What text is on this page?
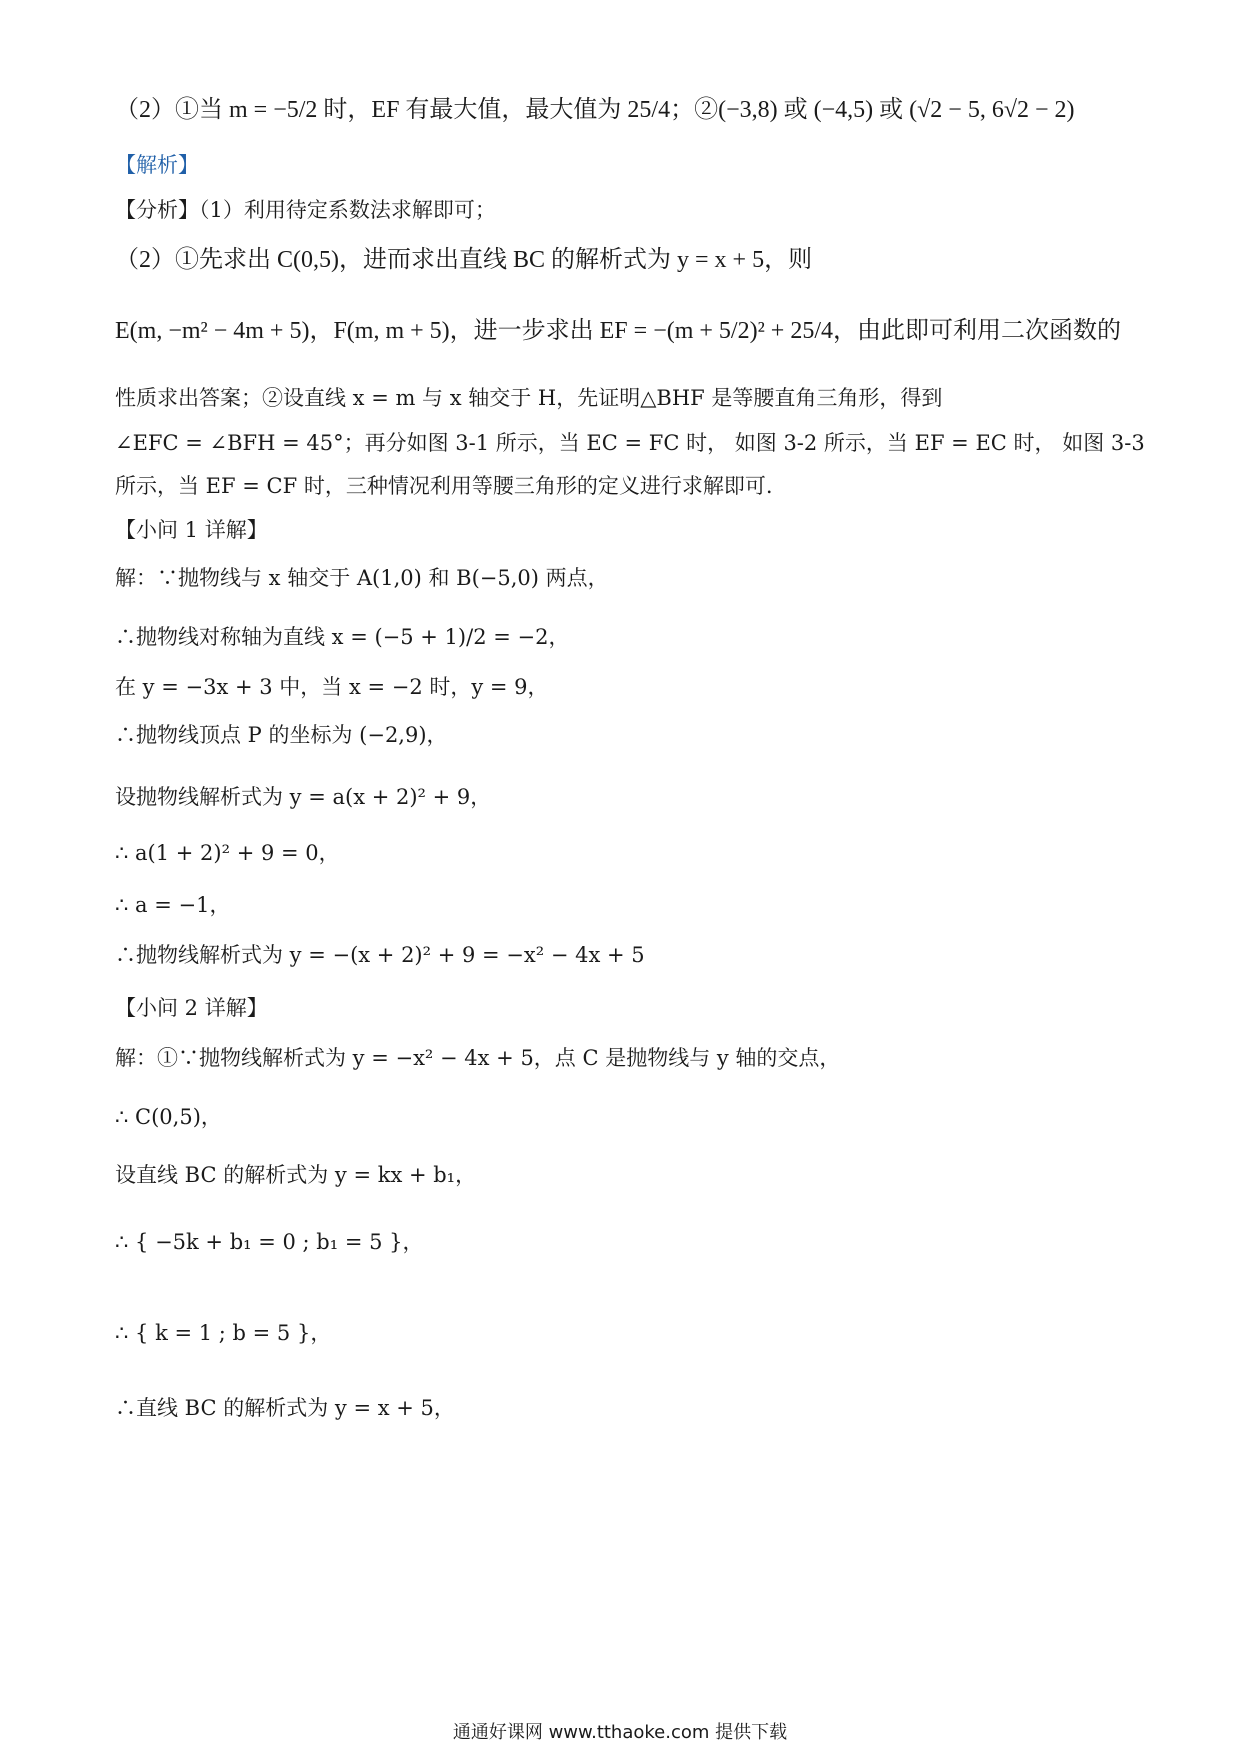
（2）①当 m = −5/2 时，EF 有最大值，最大值为 25/4；②(−3,8) 或 (−4,5) 或 (√2 − 5, 6√2 − 2)
【解析】
【分析】（1）利用待定系数法求解即可；
（2）①先求出 C(0,5)，进而求出直线 BC 的解析式为 y = x + 5，则
E(m, −m² − 4m + 5)，F(m, m + 5)，进一步求出 EF = −(m + 5/2)² + 25/4，由此即可利用二次函数的
性质求出答案；②设直线 x = m 与 x 轴交于 H，先证明△BHF 是等腰直角三角形，得到
∠EFC = ∠BFH = 45°；再分如图 3-1 所示，当 EC = FC 时， 如图 3-2 所示，当 EF = EC 时， 如图 3-3
所示，当 EF = CF 时，三种情况利用等腰三角形的定义进行求解即可.
【小问 1 详解】
解：∵抛物线与 x 轴交于 A(1,0) 和 B(−5,0) 两点，
∴抛物线对称轴为直线 x = (−5 + 1)/2 = −2，
在 y = −3x + 3 中，当 x = −2 时，y = 9，
∴抛物线顶点 P 的坐标为 (−2,9)，
设抛物线解析式为 y = a(x + 2)² + 9，
∴ a(1 + 2)² + 9 = 0，
∴ a = −1，
∴抛物线解析式为 y = −(x + 2)² + 9 = −x² − 4x + 5
【小问 2 详解】
解：①∵抛物线解析式为 y = −x² − 4x + 5，点 C 是抛物线与 y 轴的交点，
∴ C(0,5)，
设直线 BC 的解析式为 y = kx + b₁，
∴ { −5k + b₁ = 0 ; b₁ = 5 }，
∴ { k = 1 ; b = 5 }，
∴直线 BC 的解析式为 y = x + 5，
通通好课网 www.tthaoke.com 提供下载
